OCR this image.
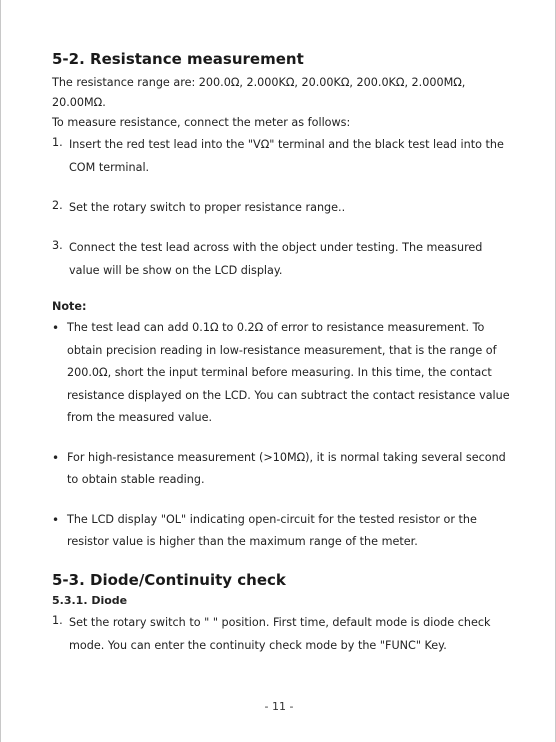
5-2. Resistance measurement

The resistance range are: 200.0Ω, 2.000KΩ, 20.00KΩ, 200.0KΩ, 2.000MΩ, 20.00MΩ.

To measure resistance, connect the meter as follows:

1. Insert the red test lead into the "VΩ" terminal and the black test lead into the COM terminal.
2. Set the rotary switch to proper resistance range..
3. Connect the test lead across with the object under testing. The measured value will be show on the LCD display.
Note:
• The test lead can add 0.1Ω to 0.2Ω of error to resistance measurement. To obtain precision reading in low-resistance measurement, that is the range of 200.0Ω, short the input terminal before measuring. In this time, the contact resistance displayed on the LCD. You can subtract the contact resistance value from the measured value.
• For high-resistance measurement (>10MΩ), it is normal taking several second to obtain stable reading.
• The LCD display "OL" indicating open-circuit for the tested resistor or the resistor value is higher than the maximum range of the meter.
5-3. Diode/Continuity check
5.3.1. Diode
1. Set the rotary switch to " " position. First time, default mode is diode check mode. You can enter the continuity check mode by the "FUNC" Key.
- 11 -
